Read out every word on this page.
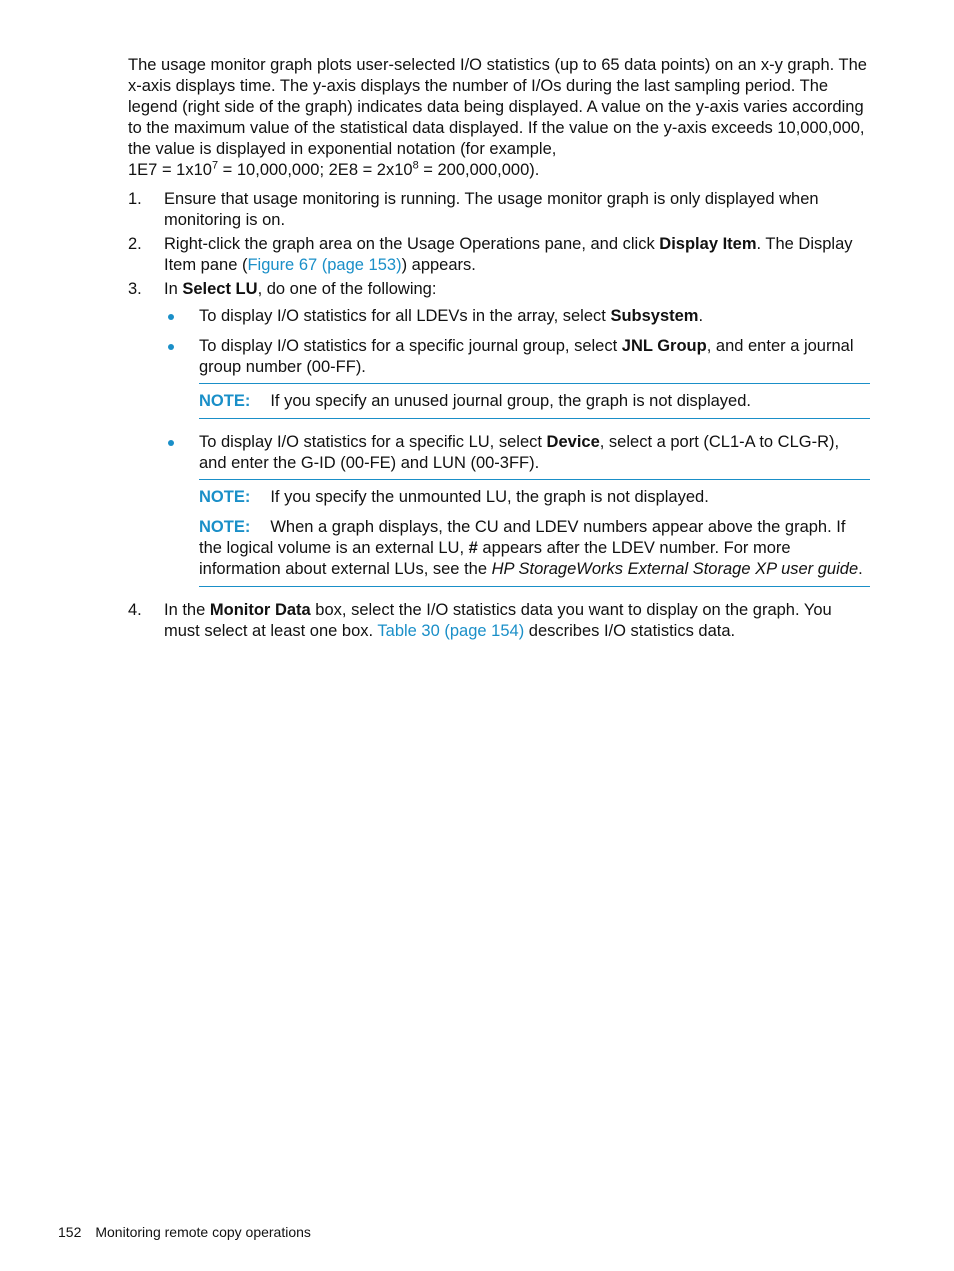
The usage monitor graph plots user-selected I/O statistics (up to 65 data points) on an x-y graph. The x-axis displays time. The y-axis displays the number of I/Os during the last sampling period. The legend (right side of the graph) indicates data being displayed. A value on the y-axis varies according to the maximum value of the statistical data displayed. If the value on the y-axis exceeds 10,000,000, the value is displayed in exponential notation (for example,
$1E7 = 1x10^7 = 10,000,000$; $2E8 = 2x10^8 = 200,000,000$).

1. Ensure that usage monitoring is running. The usage monitor graph is only displayed when monitoring is on.

2. Right-click the graph area on the Usage Operations pane, and click Display Item. The Display Item pane (Figure 67 (page 153)) appears.

3. In Select LU, do one of the following:

To display I/O statistics for all LDEVs in the array, select Subsystem.

To display I/O statistics for a specific journal group, select JNL Group, and enter a journal group number (00-FF).

NOTE: If you specify an unused journal group, the graph is not displayed.

To display I/O statistics for a specific LU, select Device, select a port (CL1-A to CLG-R), and enter the G-ID (00-FE) and LUN (00-3FF).

NOTE: If you specify the unmounted LU, the graph is not displayed.

NOTE: When a graph displays, the CU and LDEV numbers appear above the graph. If the logical volume is an external LU, # appears after the LDEV number. For more information about external LUs, see the HP StorageWorks External Storage XP user guide.

4. In the Monitor Data box, select the I/O statistics data you want to display on the graph. You must select at least one box. Table 30 (page 154) describes I/O statistics data.

152 Monitoring remote copy operations
